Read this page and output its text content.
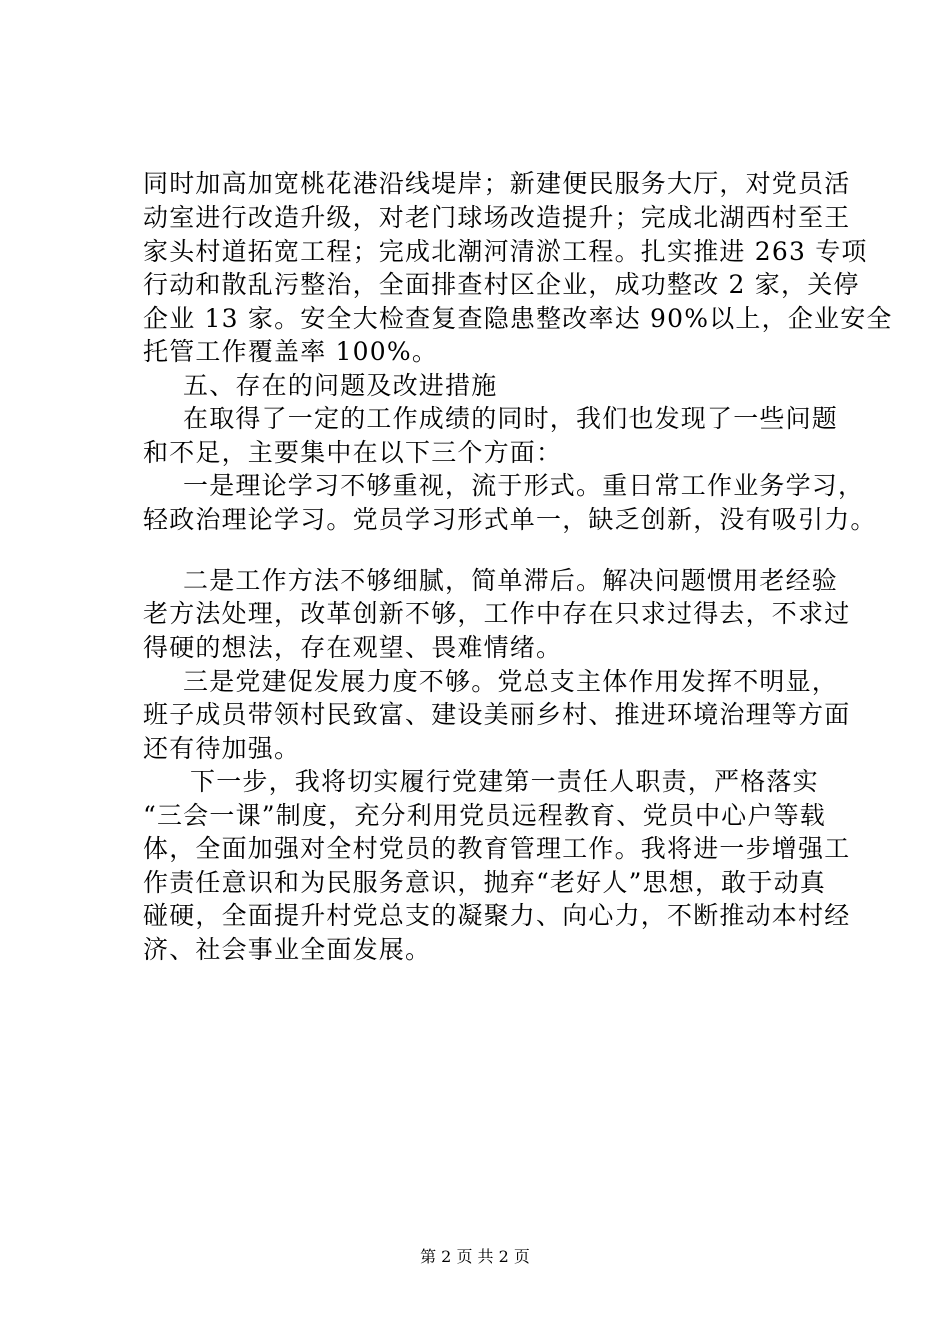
同时加高加宽桃花港沿线堤岸；新建便民服务大厅，对党员活
动室进行改造升级，对老门球场改造提升；完成北湖西村至王
家头村道拓宽工程；完成北潮河清淤工程。扎实推进 263 专项
行动和散乱污整治，全面排查村区企业，成功整改 2 家，关停
企业 13 家。安全大检查复查隐患整改率达 90%以上，企业安全
托管工作覆盖率 100%。
五、存在的问题及改进措施
在取得了一定的工作成绩的同时，我们也发现了一些问题
和不足，主要集中在以下三个方面：
一是理论学习不够重视，流于形式。重日常工作业务学习，
轻政治理论学习。党员学习形式单一，缺乏创新，没有吸引力。
二是工作方法不够细腻，简单滞后。解决问题惯用老经验
老方法处理，改革创新不够，工作中存在只求过得去，不求过
得硬的想法，存在观望、畏难情绪。
三是党建促发展力度不够。党总支主体作用发挥不明显，
班子成员带领村民致富、建设美丽乡村、推进环境治理等方面
还有待加强。
下一步，我将切实履行党建第一责任人职责，严格落实
“三会一课”制度，充分利用党员远程教育、党员中心户等载
体，全面加强对全村党员的教育管理工作。我将进一步增强工
作责任意识和为民服务意识，抛弃“老好人”思想，敢于动真
碰硬，全面提升村党总支的凝聚力、向心力，不断推动本村经
济、社会事业全面发展。
第 2 页 共 2 页
